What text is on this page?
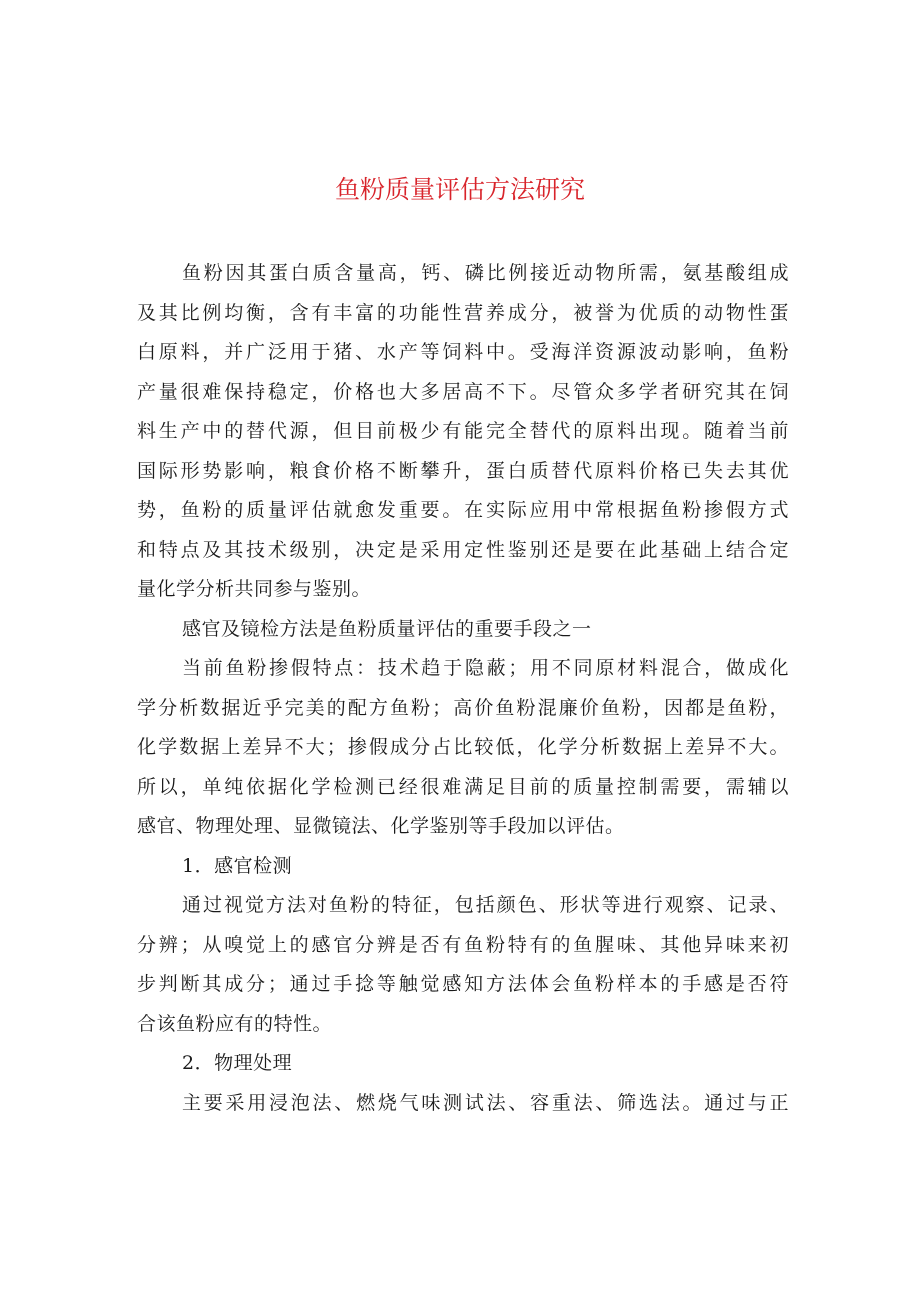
鱼粉质量评估方法研究
鱼粉因其蛋白质含量高，钙、磷比例接近动物所需，氨基酸组成
及其比例均衡，含有丰富的功能性营养成分，被誉为优质的动物性蛋
白原料，并广泛用于猪、水产等饲料中。受海洋资源波动影响，鱼粉
产量很难保持稳定，价格也大多居高不下。尽管众多学者研究其在饲
料生产中的替代源，但目前极少有能完全替代的原料出现。随着当前
国际形势影响，粮食价格不断攀升，蛋白质替代原料价格已失去其优
势，鱼粉的质量评估就愈发重要。在实际应用中常根据鱼粉掺假方式
和特点及其技术级别，决定是采用定性鉴别还是要在此基础上结合定
量化学分析共同参与鉴别。
感官及镜检方法是鱼粉质量评估的重要手段之一
当前鱼粉掺假特点：技术趋于隐蔽；用不同原材料混合，做成化
学分析数据近乎完美的配方鱼粉；高价鱼粉混廉价鱼粉，因都是鱼粉，
化学数据上差异不大；掺假成分占比较低，化学分析数据上差异不大。
所以，单纯依据化学检测已经很难满足目前的质量控制需要，需辅以
感官、物理处理、显微镜法、化学鉴别等手段加以评估。
1．感官检测
通过视觉方法对鱼粉的特征，包括颜色、形状等进行观察、记录、
分辨；从嗅觉上的感官分辨是否有鱼粉特有的鱼腥味、其他异味来初
步判断其成分；通过手捻等触觉感知方法体会鱼粉样本的手感是否符
合该鱼粉应有的特性。
2．物理处理
主要采用浸泡法、燃烧气味测试法、容重法、筛选法。通过与正
